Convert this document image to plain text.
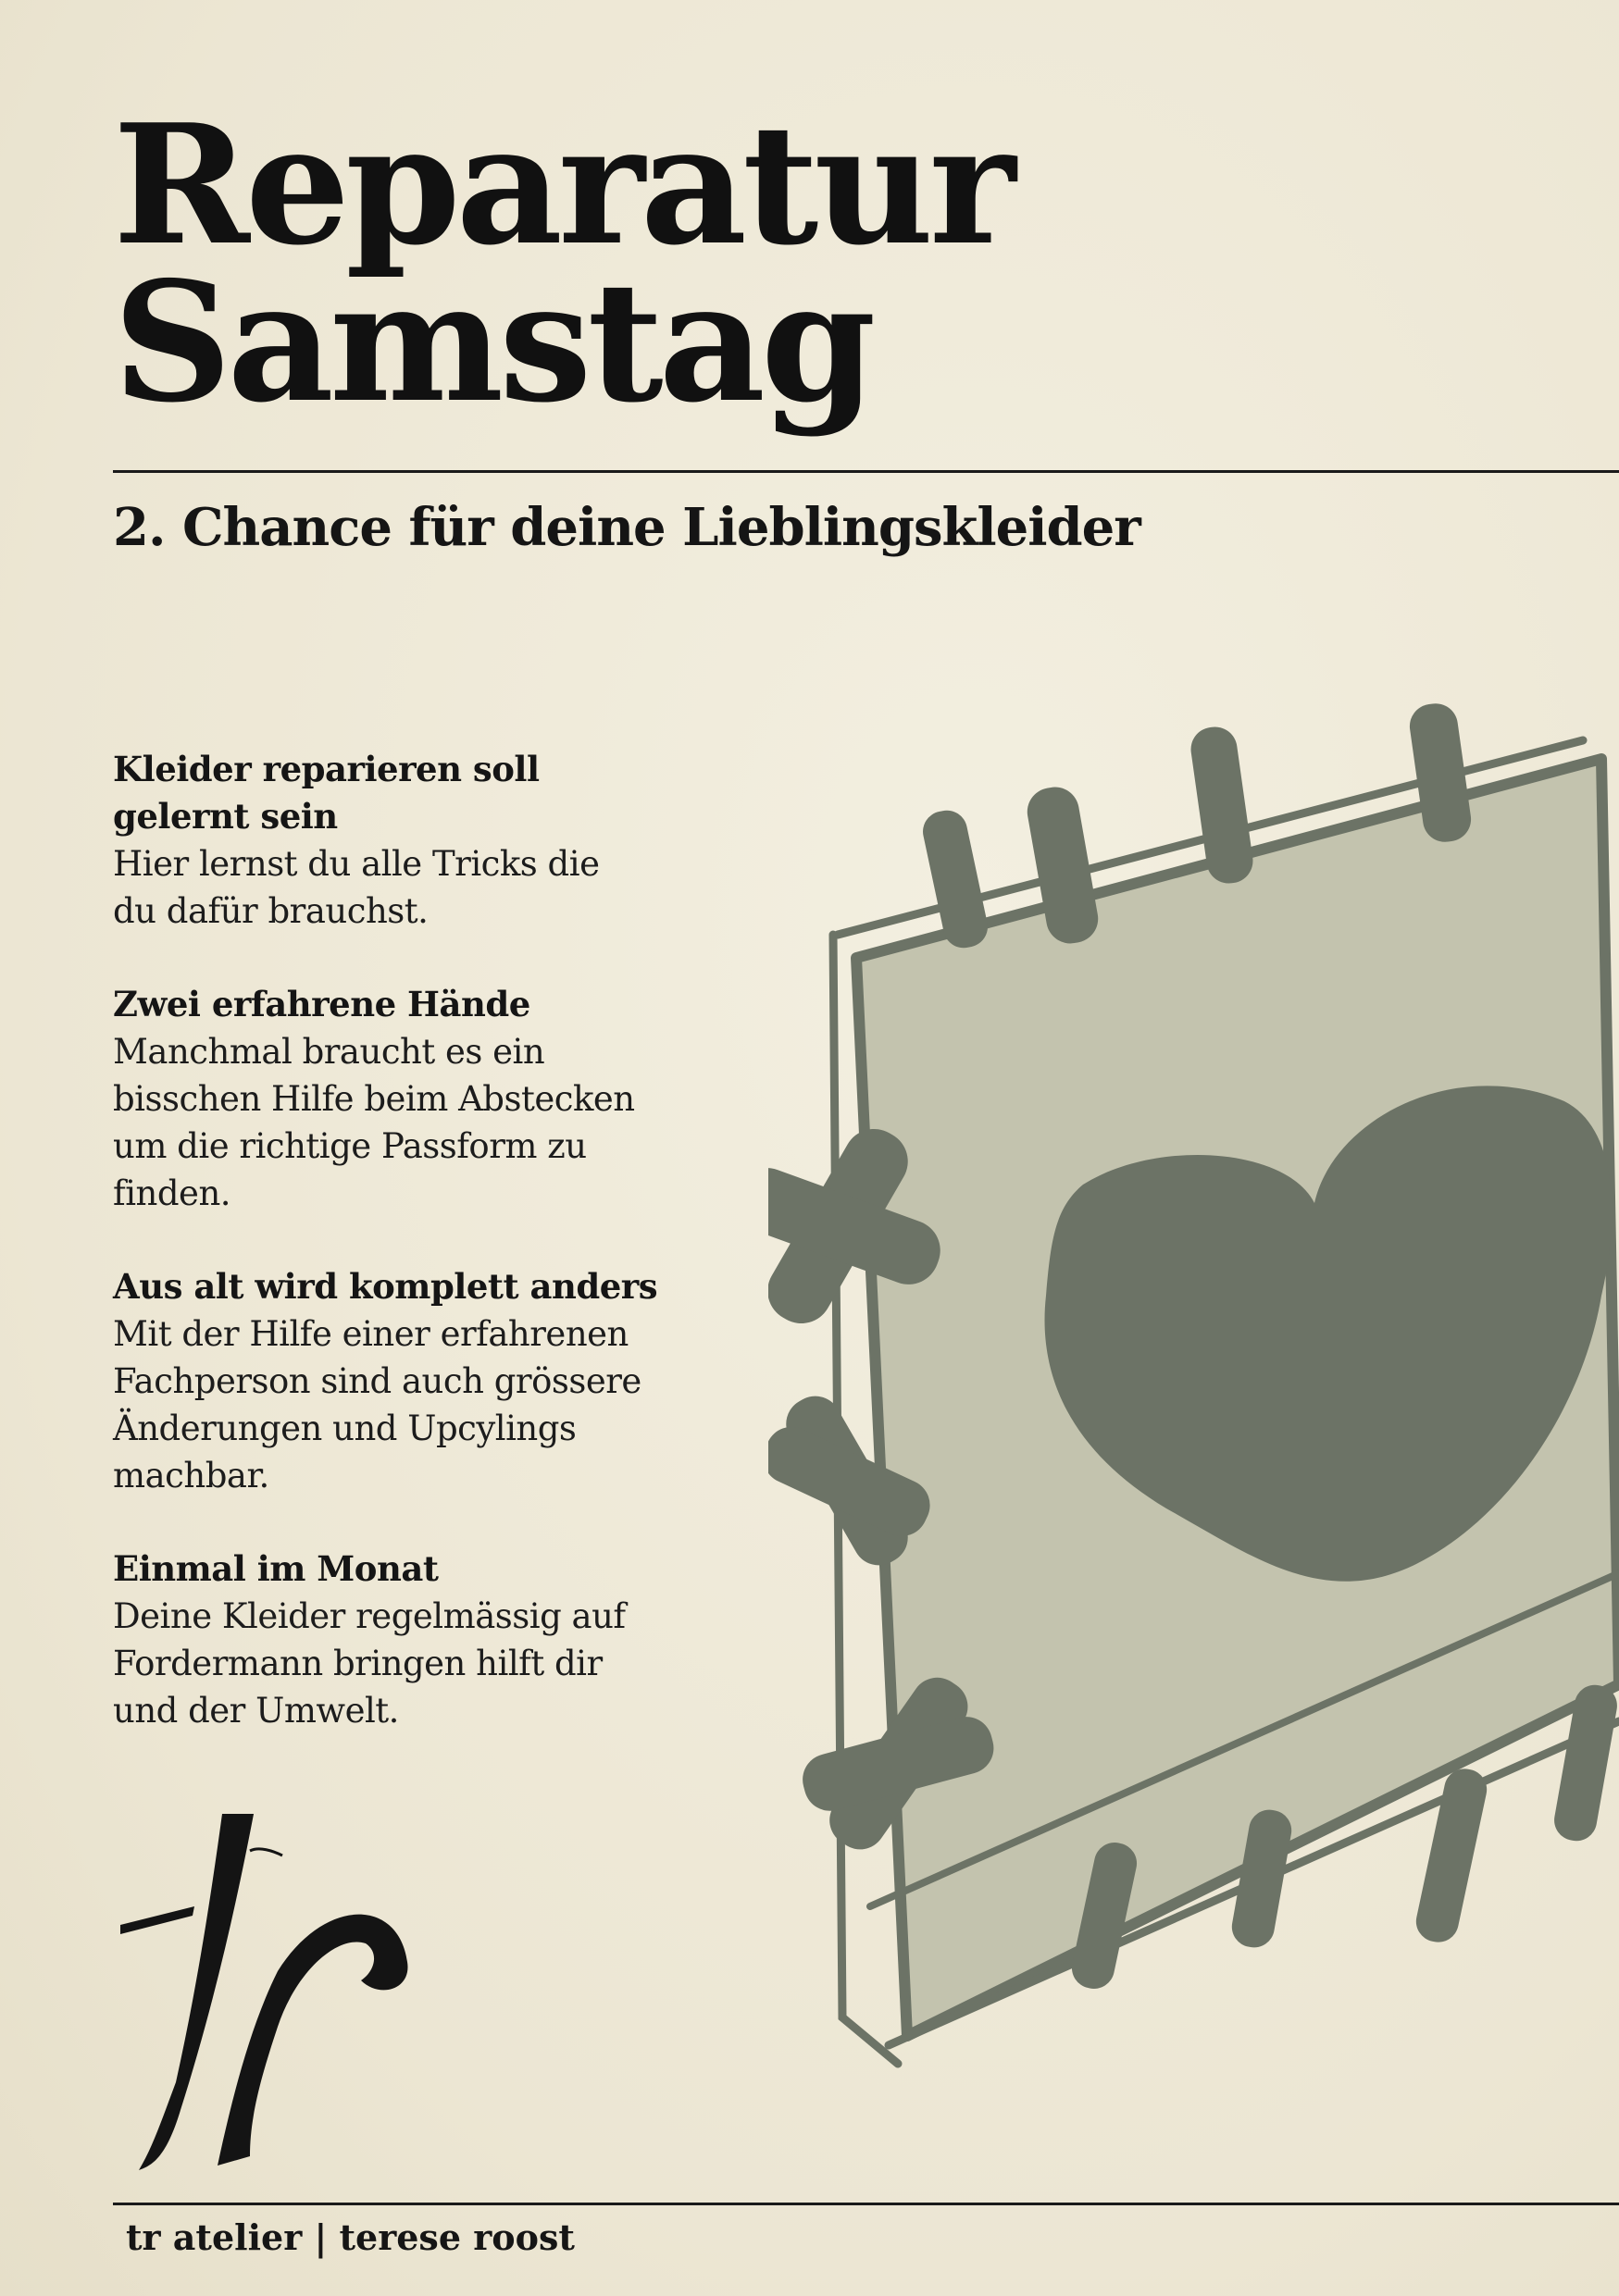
Reparatur
Samstag
2. Chance für deine Lieblingskleider
Kleider reparieren soll gelernt sein

Hier lernst du alle Tricks die du dafür brauchst.

Zwei erfahrene Hände

Manchmal braucht es ein bisschen Hilfe beim Abstecken um die richtige Passform zu finden.

Aus alt wird komplett anders

Mit der Hilfe einer erfahrenen Fachperson sind auch grössere Änderungen und Upcylings machbar.

Einmal im Monat

Deine Kleider regelmässig auf Fordermann bringen hilft dir und der Umwelt.

tr

tr atelier | terese roost
